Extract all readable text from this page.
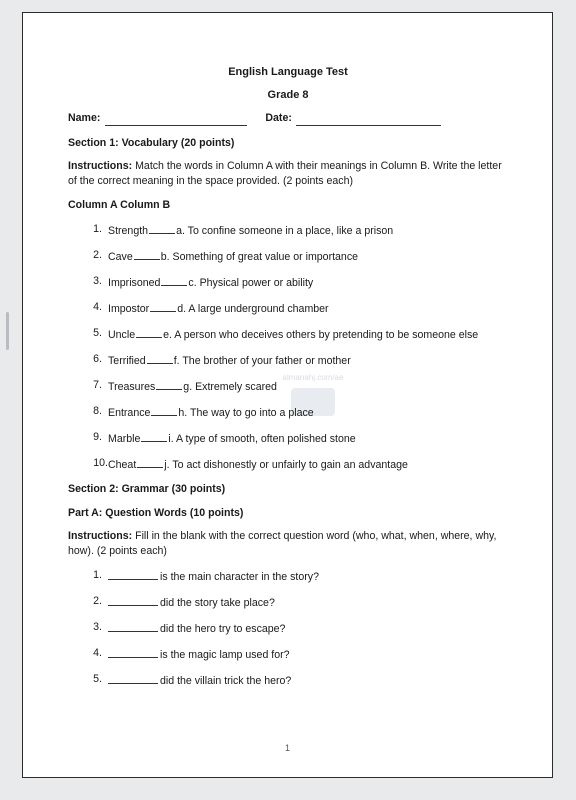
almanahj.com/ae
English Language Test
Grade 8
Name:	Date:
Section 1: Vocabulary (20 points)
Instructions: Match the words in Column A with their meanings in Column B. Write the letter of the correct meaning in the space provided. (2 points each)
Column A Column B
1. Strength	a. To confine someone in a place, like a prison
2. Cave	b. Something of great value or importance
3. Imprisoned	c. Physical power or ability
4. Impostor	d. A large underground chamber
5. Uncle	e. A person who deceives others by pretending to be someone else
6. Terrified	f. The brother of your father or mother
7. Treasures	g. Extremely scared
8. Entrance	h. The way to go into a place
9. Marble	i. A type of smooth, often polished stone
10. Cheat	j. To act dishonestly or unfairly to gain an advantage
Section 2: Grammar (30 points)
Part A: Question Words (10 points)
Instructions: Fill in the blank with the correct question word (who, what, when, where, why, how). (2 points each)
1.	is the main character in the story?
2.	did the story take place?
3.	did the hero try to escape?
4.	is the magic lamp used for?
5.	did the villain trick the hero?
1
